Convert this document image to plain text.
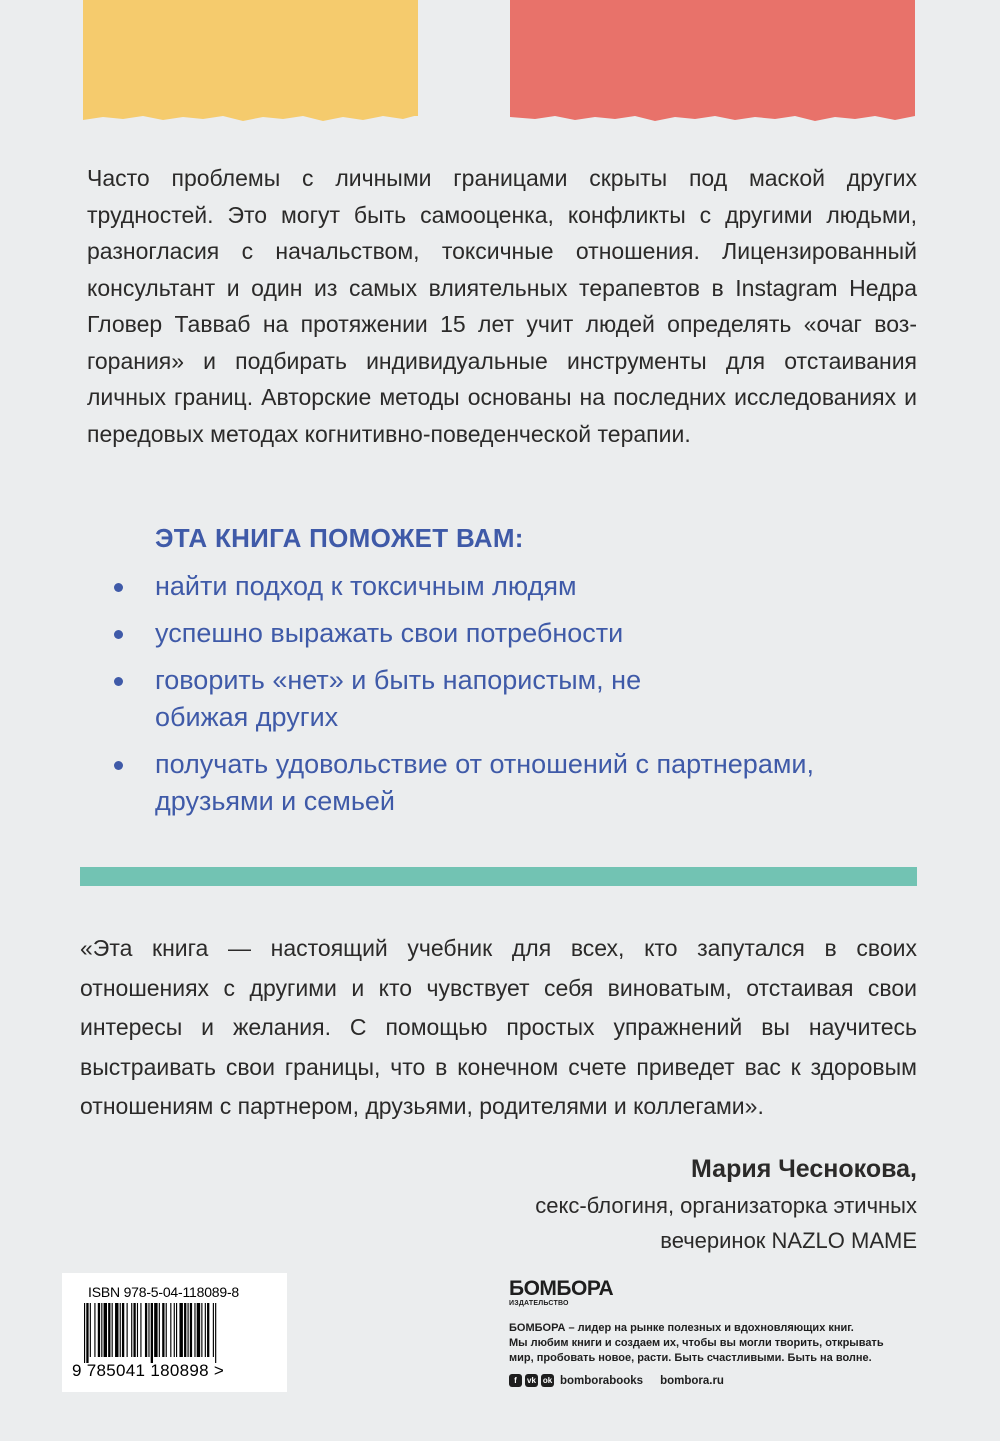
Часто проблемы с личными границами скрыты под маской других трудностей. Это могут быть самооценка, конфликты с другими людьми, разногласия с начальством, токсичные отношения. Лицензированный консультант и один из самых влиятельных терапевтов в Instagram Недра Гловер Тавваб на протяжении 15 лет учит людей определять «очаг возгорания» и подбирать индивидуальные инструменты для отстаивания личных границ. Авторские методы основаны на последних исследованиях и передовых методах когнитивно-поведенческой терапии.

ЭТА КНИГА ПОМОЖЕТ ВАМ:
найти подход к токсичным людям
успешно выражать свои потребности
говорить «нет» и быть напористым, не обижая других
получать удовольствие от отношений с партнерами, друзьями и семьей

«Эта книга — настоящий учебник для всех, кто запутался в своих отношениях с другими и кто чувствует себя виноватым, отстаивая свои интересы и желания. С помощью простых упражнений вы научитесь выстраивать свои границы, что в конечном счете приведет вас к здоровым отношениям с партнером, друзьями, родителями и коллегами».

Мария Чеснокова,

секс-блогиня, организаторка этичных

вечеринок NAZLO MAME

ISBN 978-5-04-118089-8
9 785041 180898 >

БОМБОРА

ИЗДАТЕЛЬСТВО

БОМБОРА – лидер на рынке полезных и вдохновляющих книг.

Мы любим книги и создаем их, чтобы вы могли творить, открывать

мир, пробовать новое, расти. Быть счастливыми. Быть на волне.

f	vk ok bomborabooks bombora.ru
